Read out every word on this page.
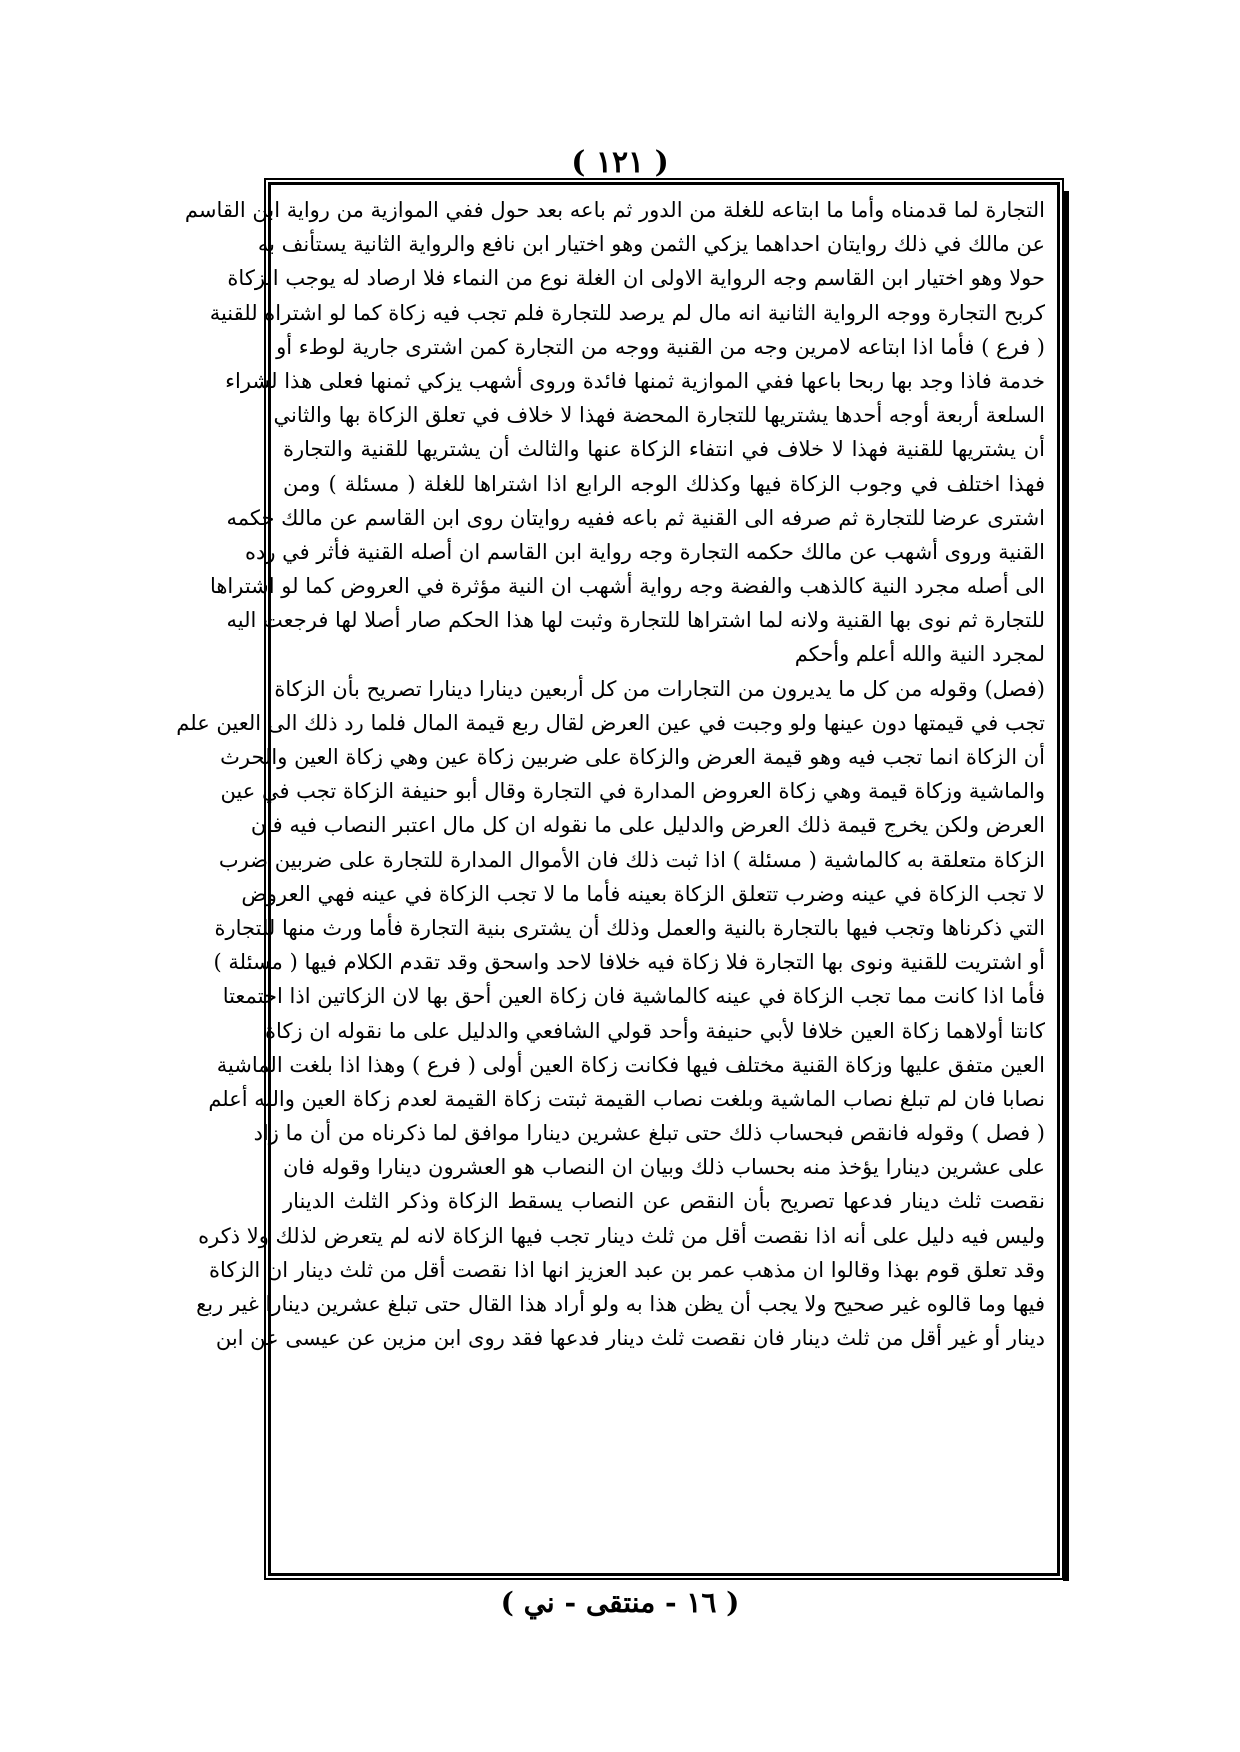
( ١٢١ )
التجارة لما قدمناه وأما ما ابتاعه للغلة من الدور ثم باعه بعد حول ففي الموازية من رواية ابن القاسم
عن مالك في ذلك روايتان احداهما يزكي الثمن وهو اختيار ابن نافع والرواية الثانية يستأنف به
حولا وهو اختيار ابن القاسم وجه الرواية الاولى ان الغلة نوع من النماء فلا ارصاد له يوجب الزكاة
كربح التجارة ووجه الرواية الثانية انه مال لم يرصد للتجارة فلم تجب فيه زكاة كما لو اشتراه للقنية
( فرع ) فأما اذا ابتاعه لامرين وجه من القنية ووجه من التجارة كمن اشترى جارية لوطء أو
خدمة فاذا وجد بها ربحا باعها ففي الموازية ثمنها فائدة وروى أشهب يزكي ثمنها فعلى هذا لشراء
السلعة أربعة أوجه أحدها يشتريها للتجارة المحضة فهذا لا خلاف في تعلق الزكاة بها والثاني
أن يشتريها للقنية فهذا لا خلاف في انتفاء الزكاة عنها والثالث أن يشتريها للقنية والتجارة
فهذا اختلف في وجوب الزكاة فيها وكذلك الوجه الرابع اذا اشتراها للغلة ( مسئلة ) ومن
اشترى عرضا للتجارة ثم صرفه الى القنية ثم باعه ففيه روايتان روى ابن القاسم عن مالك حكمه
القنية وروى أشهب عن مالك حكمه التجارة وجه رواية ابن القاسم ان أصله القنية فأثر في رده
الى أصله مجرد النية كالذهب والفضة وجه رواية أشهب ان النية مؤثرة في العروض كما لو اشتراها
للتجارة ثم نوى بها القنية ولانه لما اشتراها للتجارة وثبت لها هذا الحكم صار أصلا لها فرجعت اليه
لمجرد النية والله أعلم وأحكم
(فصل) وقوله من كل ما يديرون من التجارات من كل أربعين دينارا دينارا تصريح بأن الزكاة
تجب في قيمتها دون عينها ولو وجبت في عين العرض لقال ربع قيمة المال فلما رد ذلك الى العين علم
أن الزكاة انما تجب فيه وهو قيمة العرض والزكاة على ضربين زكاة عين وهي زكاة العين والحرث
والماشية وزكاة قيمة وهي زكاة العروض المدارة في التجارة وقال أبو حنيفة الزكاة تجب في عين
العرض ولكن يخرج قيمة ذلك العرض والدليل على ما نقوله ان كل مال اعتبر النصاب فيه فان
الزكاة متعلقة به كالماشية ( مسئلة ) اذا ثبت ذلك فان الأموال المدارة للتجارة على ضربين ضرب
لا تجب الزكاة في عينه وضرب تتعلق الزكاة بعينه فأما ما لا تجب الزكاة في عينه فهي العروض
التي ذكرناها وتجب فيها بالتجارة بالنية والعمل وذلك أن يشترى بنية التجارة فأما ورث منها للتجارة
أو اشتريت للقنية ونوى بها التجارة فلا زكاة فيه خلافا لاحد واسحق وقد تقدم الكلام فيها ( مسئلة )
فأما اذا كانت مما تجب الزكاة في عينه كالماشية فان زكاة العين أحق بها لان الزكاتين اذا اجتمعتا
كانتا أولاهما زكاة العين خلافا لأبي حنيفة وأحد قولي الشافعي والدليل على ما نقوله ان زكاة
العين متفق عليها وزكاة القنية مختلف فيها فكانت زكاة العين أولى ( فرع ) وهذا اذا بلغت الماشية
نصابا فان لم تبلغ نصاب الماشية وبلغت نصاب القيمة ثبتت زكاة القيمة لعدم زكاة العين والله أعلم
( فصل ) وقوله فانقص فبحساب ذلك حتى تبلغ عشرين دينارا موافق لما ذكرناه من أن ما زاد
على عشرين دينارا يؤخذ منه بحساب ذلك وبيان ان النصاب هو العشرون دينارا وقوله فان
نقصت ثلث دينار فدعها تصريح بأن النقص عن النصاب يسقط الزكاة وذكر الثلث الدينار
وليس فيه دليل على أنه اذا نقصت أقل من ثلث دينار تجب فيها الزكاة لانه لم يتعرض لذلك ولا ذكره
وقد تعلق قوم بهذا وقالوا ان مذهب عمر بن عبد العزيز انها اذا نقصت أقل من ثلث دينار ان الزكاة
فيها وما قالوه غير صحيح ولا يجب أن يظن هذا به ولو أراد هذا القال حتى تبلغ عشرين دينارا غير ربع
دينار أو غير أقل من ثلث دينار فان نقصت ثلث دينار فدعها فقد روى ابن مزين عن عيسى عن ابن
( ١٦ - منتقى - ني )
